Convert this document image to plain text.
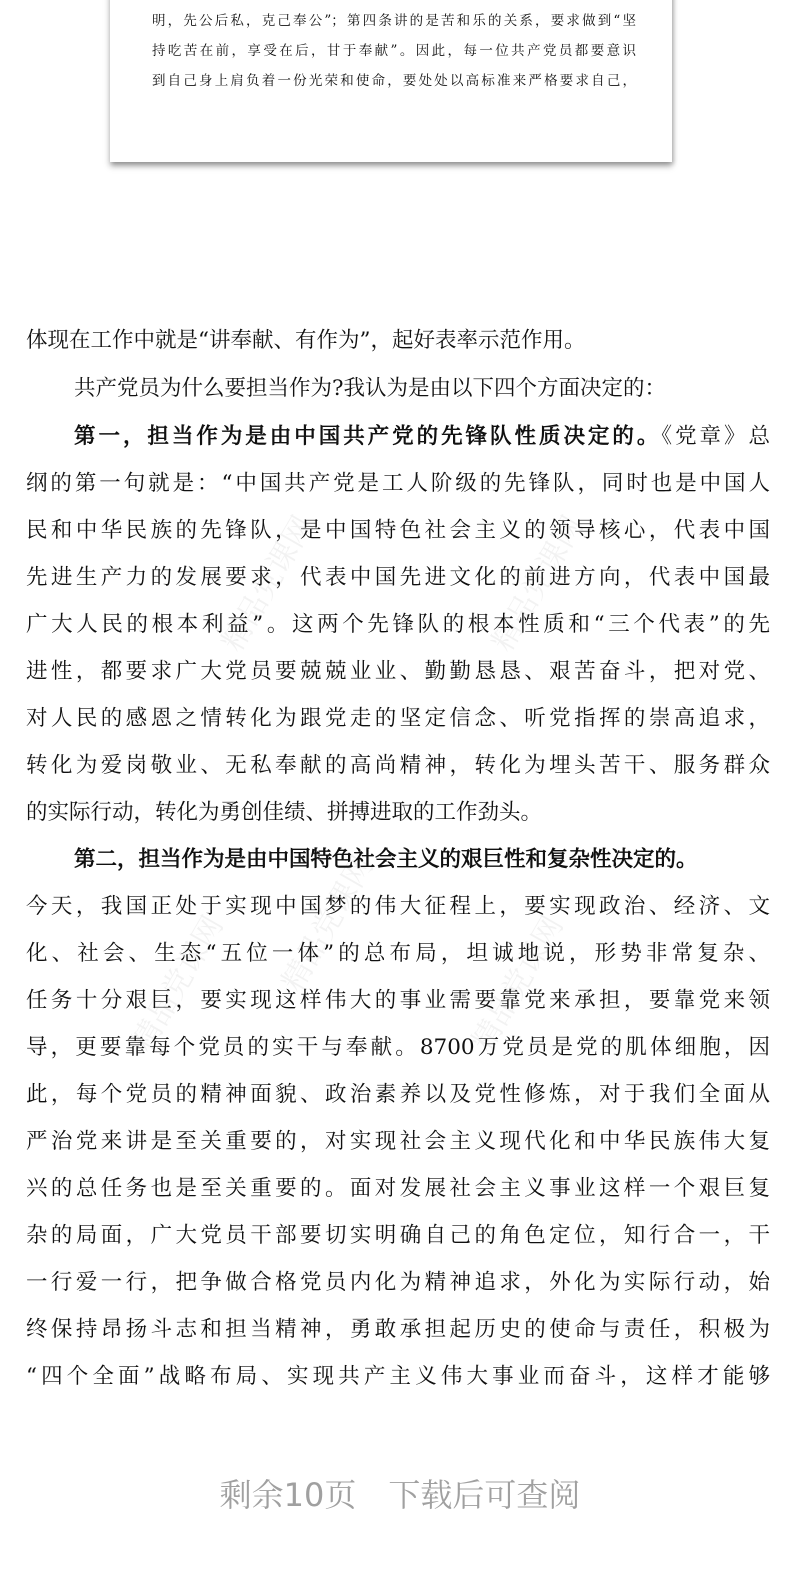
明，先公后私，克己奉公”；第四条讲的是苦和乐的关系，要求做到“坚
持吃苦在前，享受在后，甘于奉献”。因此，每一位共产党员都要意识
到自己身上肩负着一份光荣和使命，要处处以高标准来严格要求自己，
精品党课网	精品党课网
精品党课网
精品党课网	精品党课网
体现在工作中就是“讲奉献、有作为”，起好表率示范作用。
共产党员为什么要担当作为?我认为是由以下四个方面决定的：
第一，担当作为是由中国共产党的先锋队性质决定的。《党章》总
纲的第一句就是：“中国共产党是工人阶级的先锋队，同时也是中国人
民和中华民族的先锋队，是中国特色社会主义的领导核心，代表中国
先进生产力的发展要求，代表中国先进文化的前进方向，代表中国最
广大人民的根本利益”。这两个先锋队的根本性质和“三个代表”的先
进性，都要求广大党员要兢兢业业、勤勤恳恳、艰苦奋斗，把对党、
对人民的感恩之情转化为跟党走的坚定信念、听党指挥的崇高追求，
转化为爱岗敬业、无私奉献的高尚精神，转化为埋头苦干、服务群众
的实际行动，转化为勇创佳绩、拼搏进取的工作劲头。
第二，担当作为是由中国特色社会主义的艰巨性和复杂性决定的。
今天，我国正处于实现中国梦的伟大征程上，要实现政治、经济、文
化、社会、生态“五位一体”的总布局，坦诚地说，形势非常复杂、
任务十分艰巨，要实现这样伟大的事业需要靠党来承担，要靠党来领
导，更要靠每个党员的实干与奉献。8700万党员是党的肌体细胞，因
此，每个党员的精神面貌、政治素养以及党性修炼，对于我们全面从
严治党来讲是至关重要的，对实现社会主义现代化和中华民族伟大复
兴的总任务也是至关重要的。面对发展社会主义事业这样一个艰巨复
杂的局面，广大党员干部要切实明确自己的角色定位，知行合一，干
一行爱一行，把争做合格党员内化为精神追求，外化为实际行动，始
终保持昂扬斗志和担当精神，勇敢承担起历史的使命与责任，积极为
“四个全面”战略布局、实现共产主义伟大事业而奋斗，这样才能够
剩余10页　下载后可查阅
